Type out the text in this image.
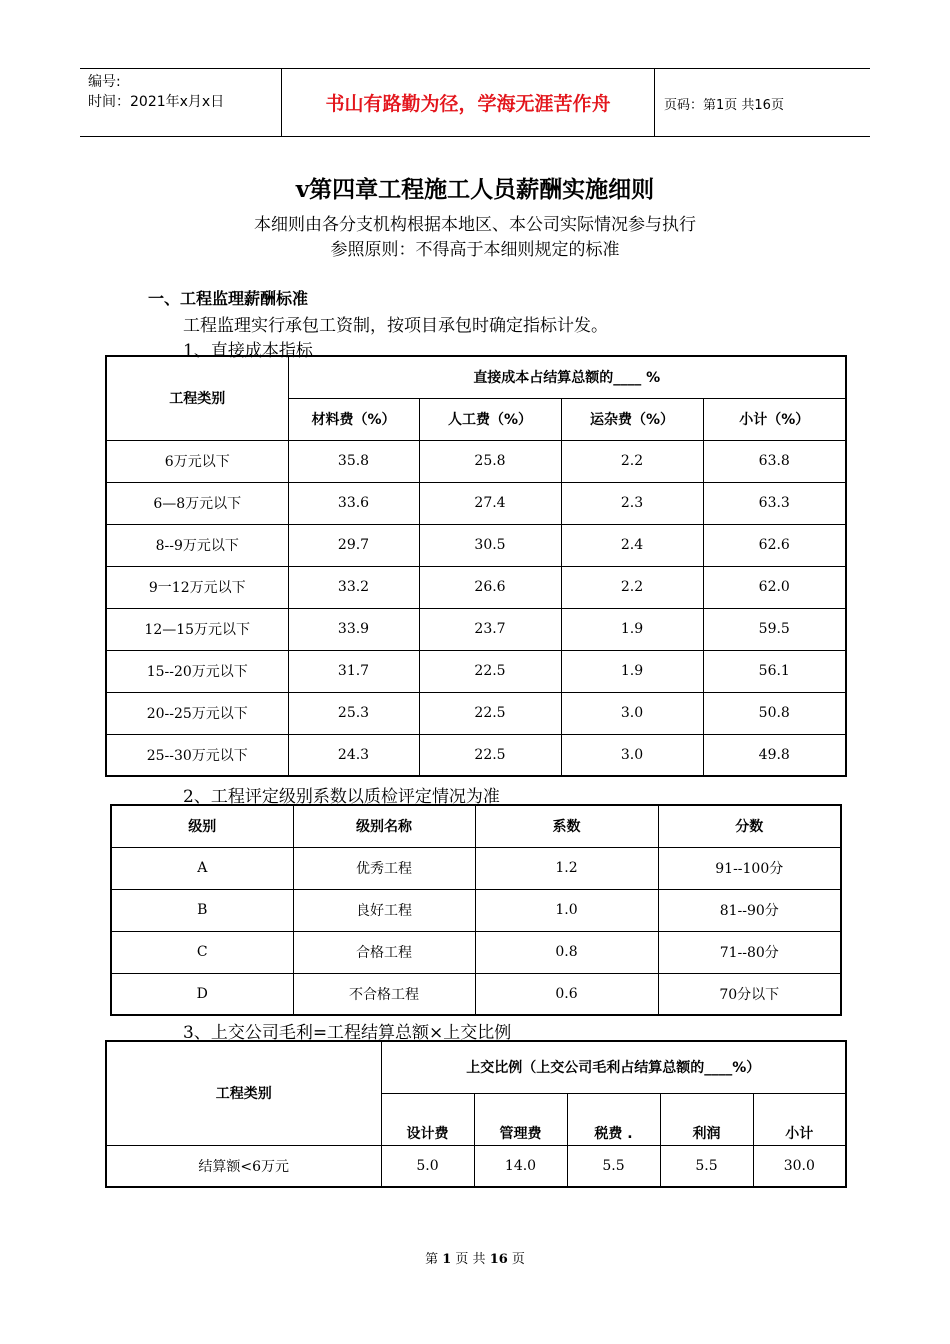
编号:
时间：2021年x月x日	书山有路勤为径，学海无涯苦作舟	页码：第1页 共16页
v第四章工程施工人员薪酬实施细则
本细则由各分支机构根据本地区、本公司实际情况参与执行
参照原则：不得高于本细则规定的标准
一、工程监理薪酬标准
工程监理实行承包工资制，按项目承包时确定指标计发。
1、直接成本指标
工程类别	直接成本占结算总额的____ %			
	材料费（%）	人工费（%）	运杂费（%）	小计（%）
6万元以下	35.8	25.8	2.2	63.8
6—8万元以下	33.6	27.4	2.3	63.3
8--9万元以下	29.7	30.5	2.4	62.6
9一12万元以下	33.2	26.6	2.2	62.0
12—15万元以下	33.9	23.7	1.9	59.5
15--20万元以下	31.7	22.5	1.9	56.1
20--25万元以下	25.3	22.5	3.0	50.8
25--30万元以下	24.3	22.5	3.0	49.8
2、工程评定级别系数以质检评定情况为准
级别	级别名称	系数	分数
A	优秀工程	1.2	91--100分
B	良好工程	1.0	81--90分
C	合格工程	0.8	71--80分
D	不合格工程	0.6	70分以下
3、上交公司毛利=工程结算总额×上交比例
工程类别	上交比例（上交公司毛利占结算总额的____%）				
	设计费	管理费	税费 .	利润	小计
结算额<6万元	5.0	14.0	5.5	5.5	30.0
第 1 页 共 16 页
